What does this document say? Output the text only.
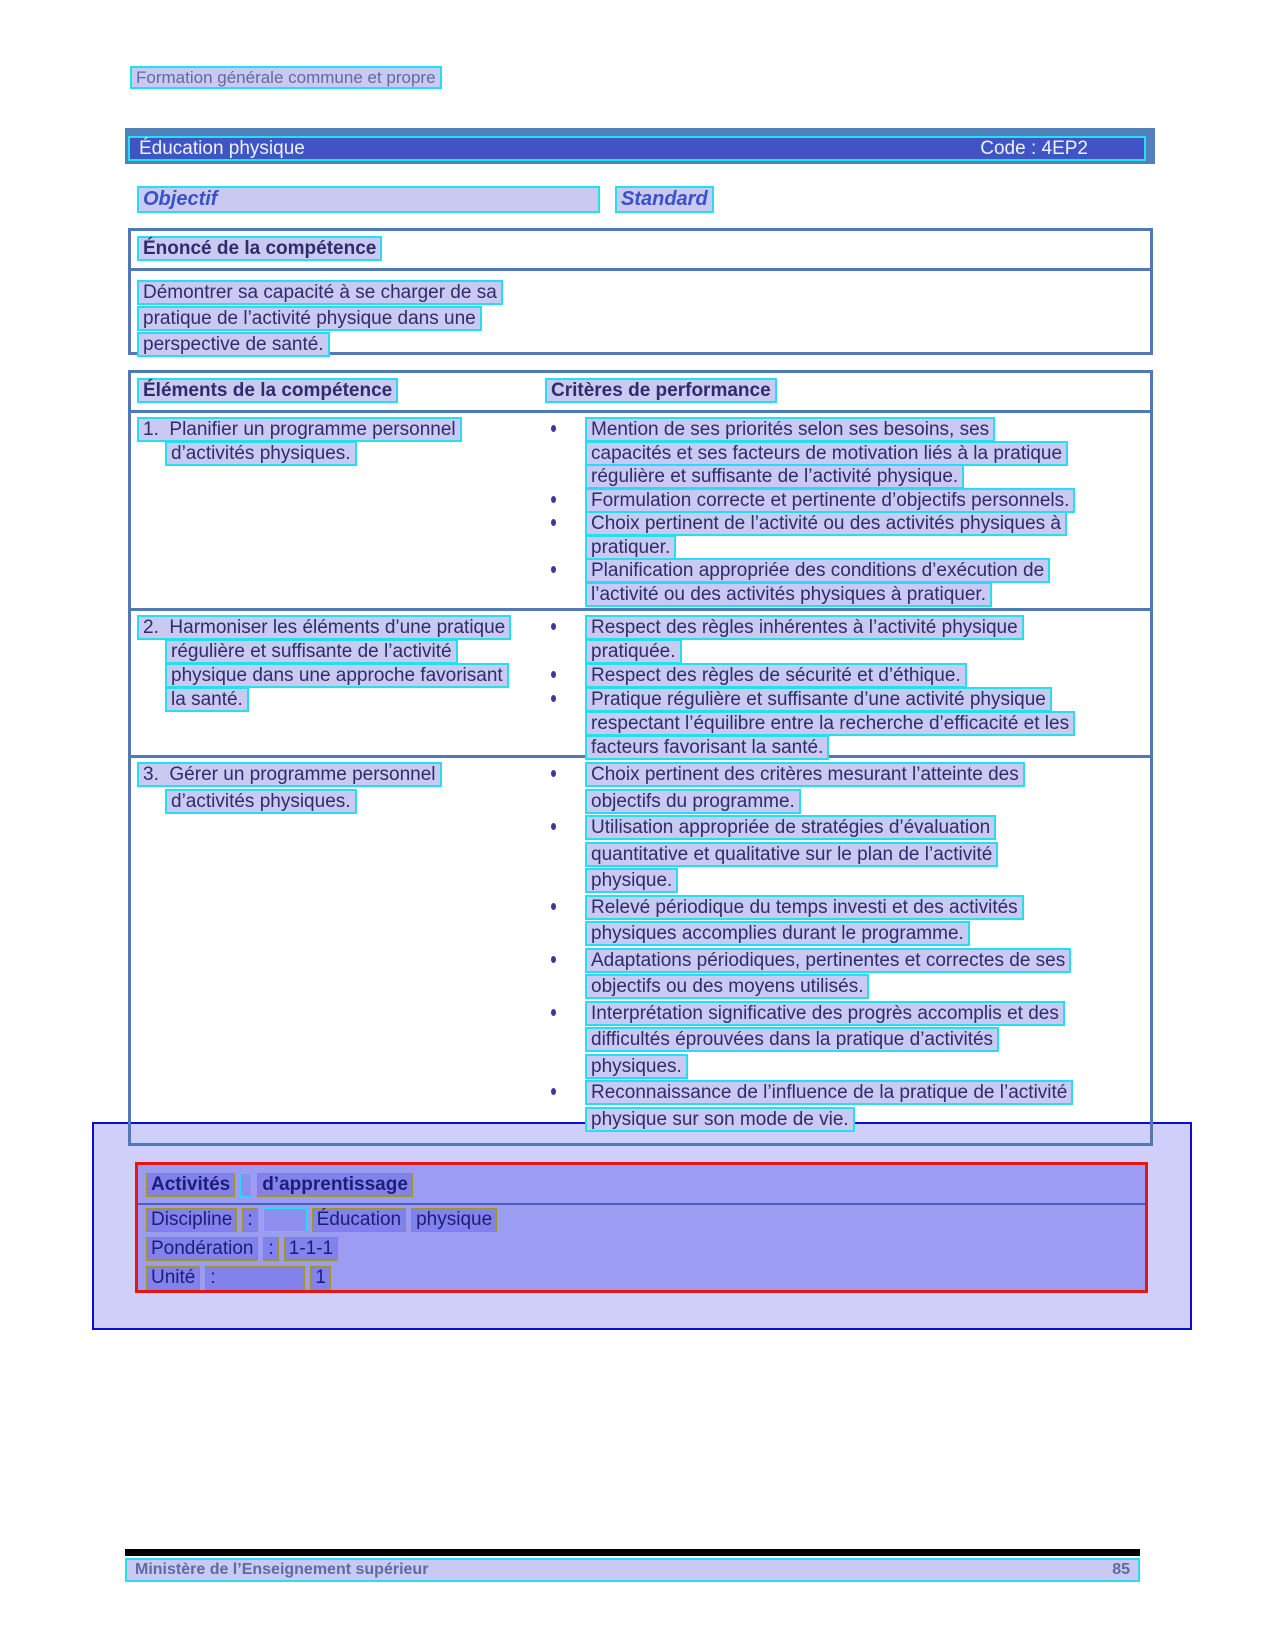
Formation générale commune et propre
Éducation physique	Code : 4EP2
Objectif	Standard
Énoncé de la compétence
Démontrer sa capacité à se charger de sa
pratique de l’activité physique dans une
perspective de santé.
Éléments de la compétence	Critères de performance
1.  Planifier un programme personnel
d’activités physiques.
Mention de ses priorités selon ses besoins, ses
capacités et ses facteurs de motivation liés à la pratique
régulière et suffisante de l’activité physique.
Formulation correcte et pertinente d’objectifs personnels.
Choix pertinent de l’activité ou des activités physiques à
pratiquer.
Planification appropriée des conditions d’exécution de
l’activité ou des activités physiques à pratiquer.
2.  Harmoniser les éléments d’une pratique
régulière et suffisante de l’activité
physique dans une approche favorisant
la santé.
Respect des règles inhérentes à l’activité physique
pratiquée.
Respect des règles de sécurité et d’éthique.
Pratique régulière et suffisante d’une activité physique
respectant l’équilibre entre la recherche d’efficacité et les
facteurs favorisant la santé.
3.  Gérer un programme personnel
d’activités physiques.
Choix pertinent des critères mesurant l’atteinte des
objectifs du programme.
Utilisation appropriée de stratégies d’évaluation
quantitative et qualitative sur le plan de l’activité
physique.
Relevé périodique du temps investi et des activités
physiques accomplies durant le programme.
Adaptations périodiques, pertinentes et correctes de ses
objectifs ou des moyens utilisés.
Interprétation significative des progrès accomplis et des
difficultés éprouvées dans la pratique d’activités
physiques.
Reconnaissance de l’influence de la pratique de l’activité
physique sur son mode de vie.
Activités d’apprentissage
Discipline :	Éducation physique
Pondération : 1-1-1
Unité :	1
Ministère de l’Enseignement supérieur	85
